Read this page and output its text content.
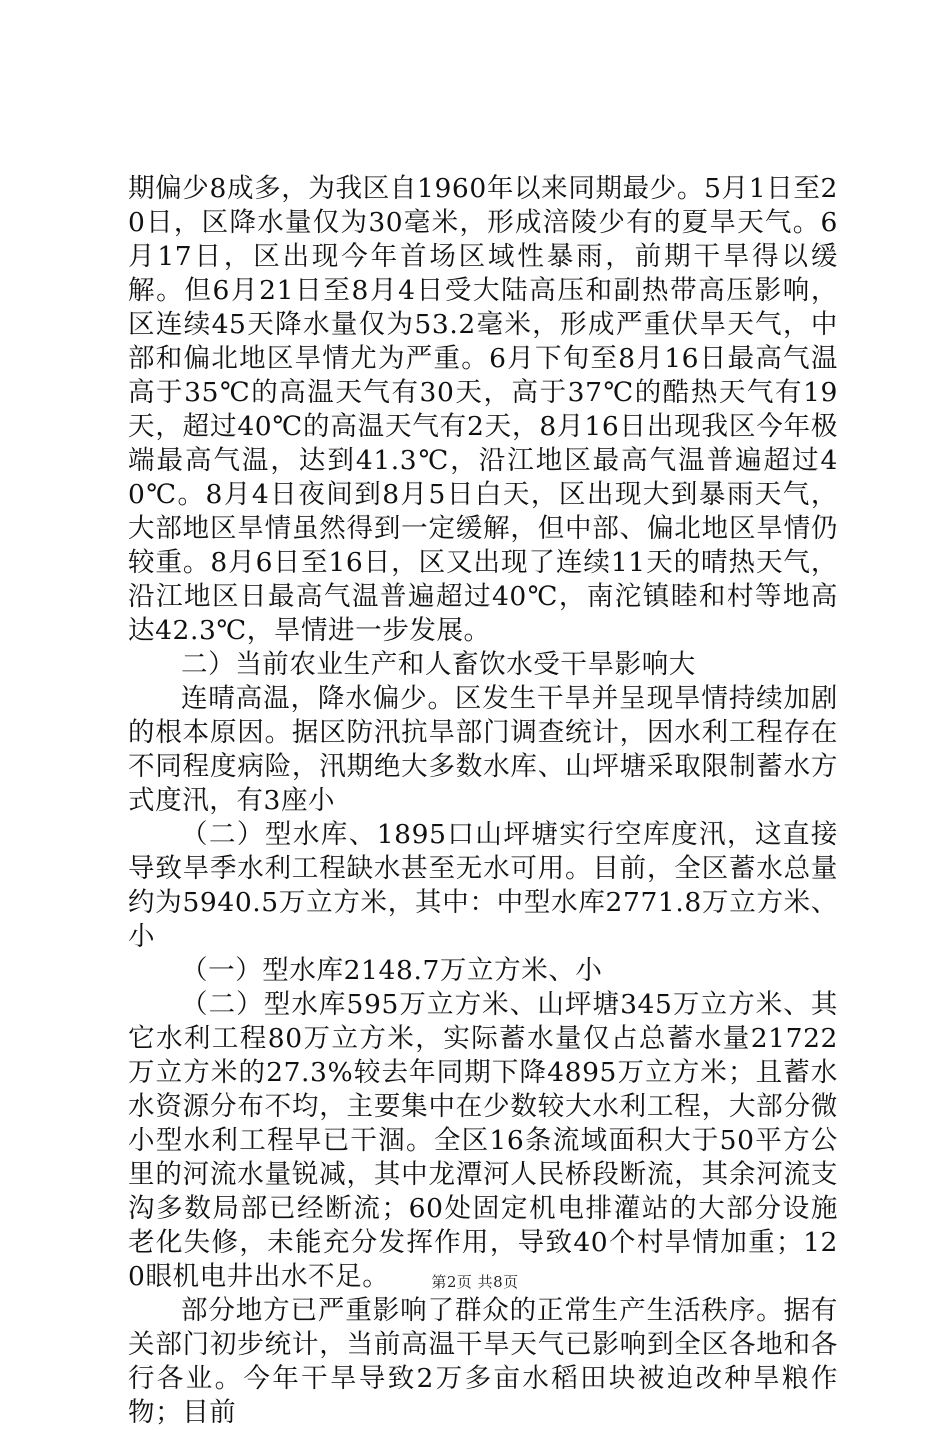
期偏少8成多，为我区自1960年以来同期最少。5月1日至20日，区降水量仅为30毫米，形成涪陵少有的夏旱天气。6月17日，区出现今年首场区域性暴雨，前期干旱得以缓解。但6月21日至8月4日受大陆高压和副热带高压影响，区连续45天降水量仅为53.2毫米，形成严重伏旱天气，中部和偏北地区旱情尤为严重。6月下旬至8月16日最高气温高于35℃的高温天气有30天，高于37℃的酷热天气有19天，超过40℃的高温天气有2天，8月16日出现我区今年极端最高气温，达到41.3℃，沿江地区最高气温普遍超过40℃。8月4日夜间到8月5日白天，区出现大到暴雨天气，大部地区旱情虽然得到一定缓解，但中部、偏北地区旱情仍较重。8月6日至16日，区又出现了连续11天的晴热天气，沿江地区日最高气温普遍超过40℃，南沱镇睦和村等地高达42.3℃，旱情进一步发展。

二）当前农业生产和人畜饮水受干旱影响大

连晴高温，降水偏少。区发生干旱并呈现旱情持续加剧的根本原因。据区防汛抗旱部门调查统计，因水利工程存在不同程度病险，汛期绝大多数水库、山坪塘采取限制蓄水方式度汛，有3座小

（二）型水库、1895口山坪塘实行空库度汛，这直接导致旱季水利工程缺水甚至无水可用。目前，全区蓄水总量约为5940.5万立方米，其中：中型水库2771.8万立方米、小

（一）型水库2148.7万立方米、小

（二）型水库595万立方米、山坪塘345万立方米、其它水利工程80万立方米，实际蓄水量仅占总蓄水量21722万立方米的27.3%较去年同期下降4895万立方米；且蓄水水资源分布不均，主要集中在少数较大水利工程，大部分微小型水利工程早已干涸。全区16条流域面积大于50平方公里的河流水量锐减，其中龙潭河人民桥段断流，其余河流支沟多数局部已经断流；60处固定机电排灌站的大部分设施老化失修，未能充分发挥作用，导致40个村旱情加重；120眼机电井出水不足。

部分地方已严重影响了群众的正常生产生活秩序。据有关部门初步统计，当前高温干旱天气已影响到全区各地和各行各业。今年干旱导致2万多亩水稻田块被迫改种旱粮作物；目前

第2页 共8页
